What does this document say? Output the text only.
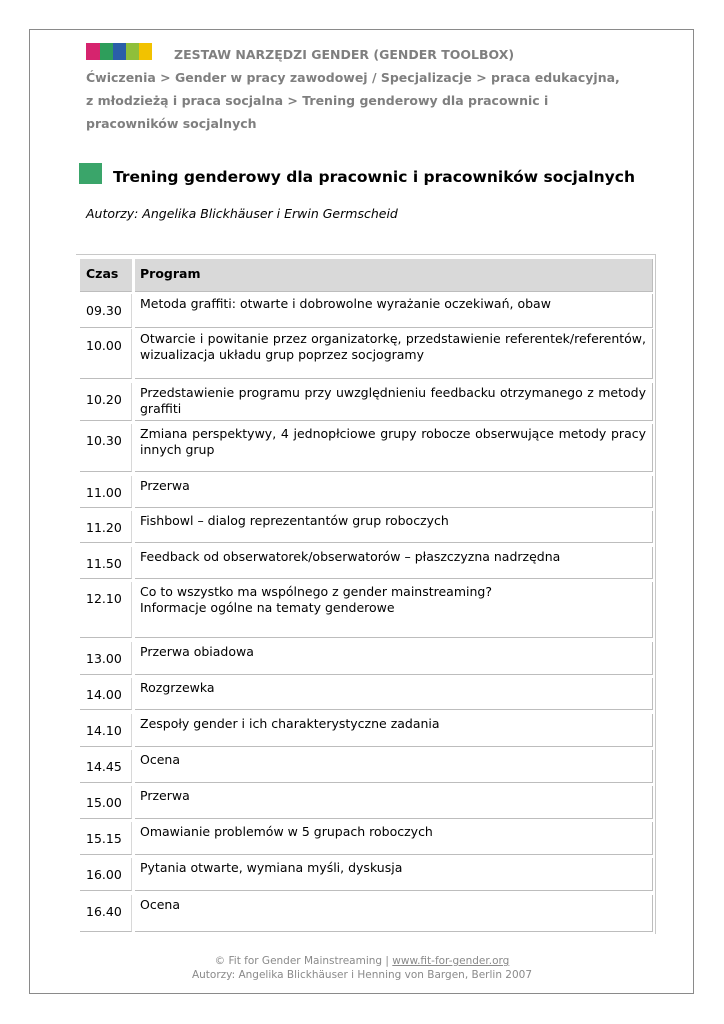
ZESTAW NARZĘDZI GENDER (GENDER TOOLBOX)
Ćwiczenia > Gender w pracy zawodowej / Specjalizacje > praca edukacyjna, z młodzieżą i praca socjalna > Trening genderowy dla pracownic i pracowników socjalnych
Trening genderowy dla pracownic i pracowników socjalnych
Autorzy: Angelika Blickhäuser i Erwin Germscheid
Czas	Program
09.30	Metoda graffiti: otwarte i dobrowolne wyrażanie oczekiwań, obaw
10.00	Otwarcie i powitanie przez organizatorkę, przedstawienie referentek/referentów, wizualizacja układu grup poprzez socjogramy
10.20	Przedstawienie programu przy uwzględnieniu feedbacku otrzymanego z metody graffiti
10.30	Zmiana perspektywy, 4 jednopłciowe grupy robocze obserwujące metody pracy innych grup
11.00	Przerwa
11.20	Fishbowl – dialog reprezentantów grup roboczych
11.50	Feedback od obserwatorek/obserwatorów – płaszczyzna nadrzędna
12.10	Co to wszystko ma wspólnego z gender mainstreaming?
Informacje ogólne na tematy genderowe
13.00	Przerwa obiadowa
14.00	Rozgrzewka
14.10	Zespoły gender i ich charakterystyczne zadania
14.45	Ocena
15.00	Przerwa
15.15	Omawianie problemów w 5 grupach roboczych
16.00	Pytania otwarte, wymiana myśli, dyskusja
16.40	Ocena
© Fit for Gender Mainstreaming | www.fit-for-gender.org
Autorzy: Angelika Blickhäuser i Henning von Bargen, Berlin 2007
